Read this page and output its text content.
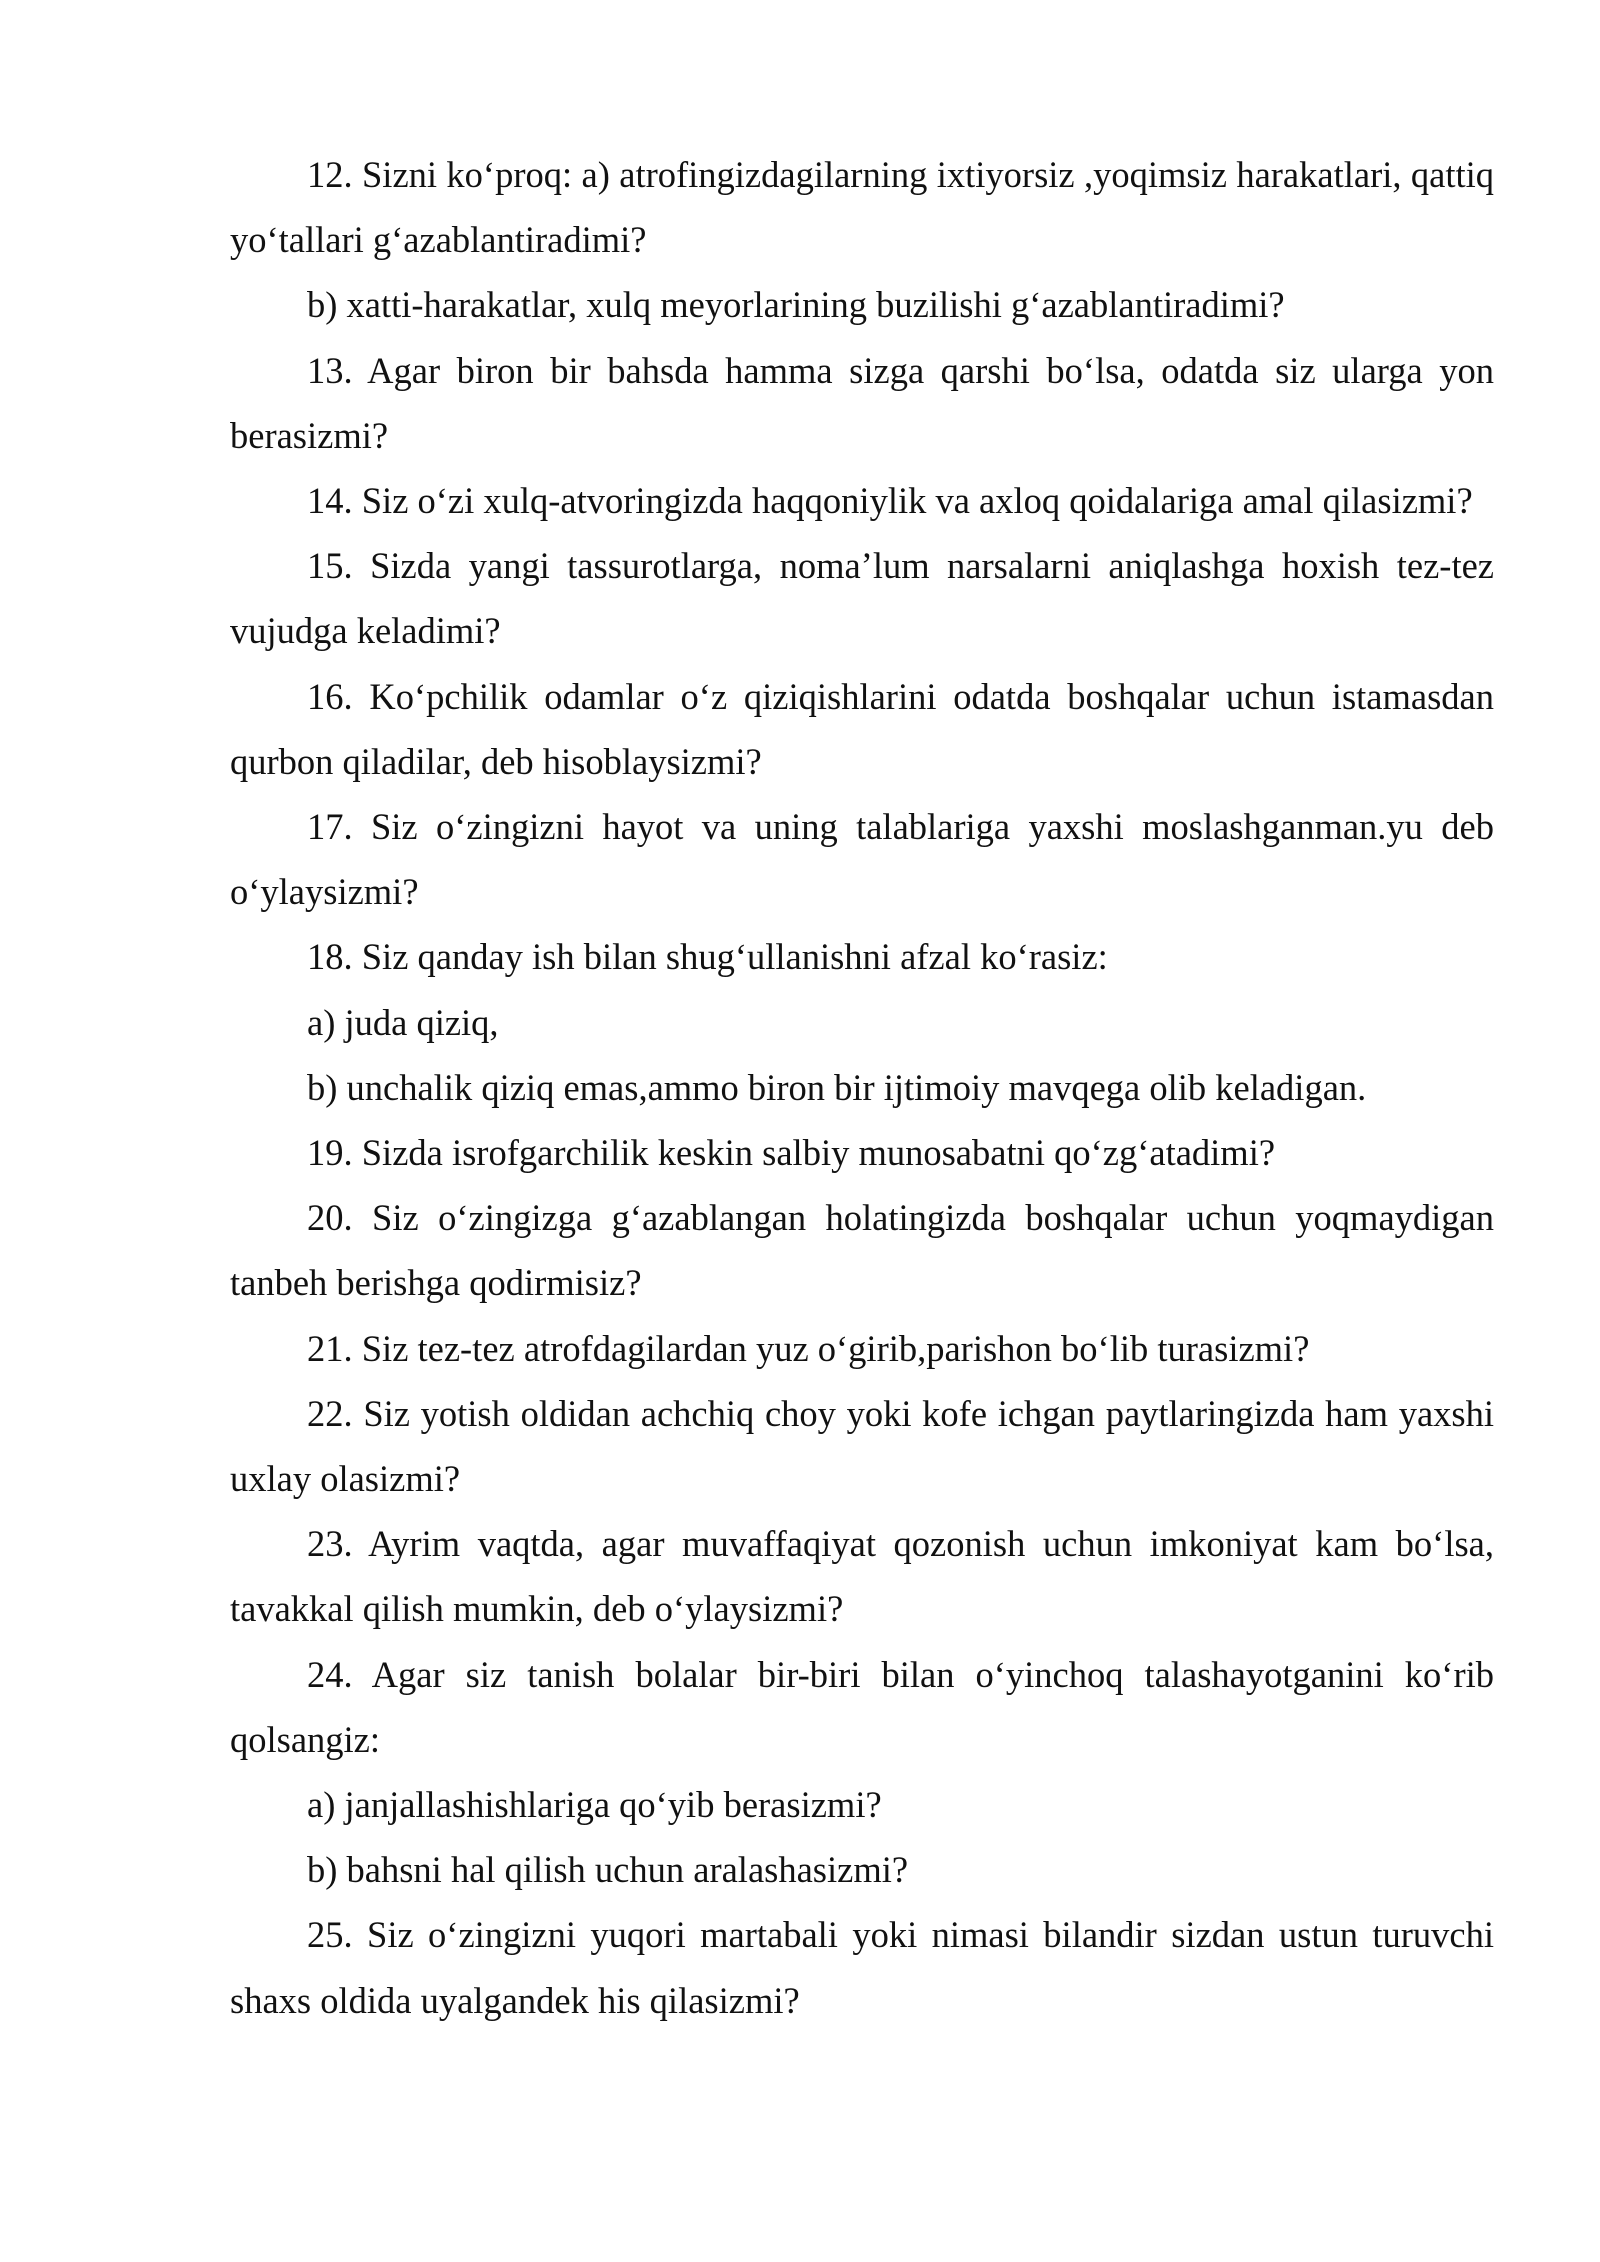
12. Sizni ko‘proq: a) atrofingizdagilarning ixtiyorsiz ,yoqimsiz harakatlari, qattiq yo‘tallari g‘azablantiradimi?

b) xatti-harakatlar, xulq meyorlarining buzilishi g‘azablantiradimi?

13. Agar biron bir bahsda hamma sizga qarshi bo‘lsa, odatda siz ularga yon berasizmi?

14. Siz o‘zi xulq-atvoringizda haqqoniylik va axloq qoidalariga amal qilasizmi?

15. Sizda yangi tassurotlarga, noma’lum narsalarni aniqlashga hoxish tez-tez vujudga keladimi?

16. Ko‘pchilik odamlar o‘z qiziqishlarini odatda boshqalar uchun istamasdan qurbon qiladilar, deb hisoblaysizmi?

17. Siz o‘zingizni hayot va uning talablariga yaxshi moslashganman.yu deb o‘ylaysizmi?

18. Siz qanday ish bilan shug‘ullanishni afzal ko‘rasiz:

a) juda qiziq,

b) unchalik qiziq emas,ammo biron bir ijtimoiy mavqega olib keladigan.

19. Sizda isrofgarchilik keskin salbiy munosabatni qo‘zg‘atadimi?

20. Siz o‘zingizga g‘azablangan holatingizda boshqalar uchun yoqmaydigan tanbeh berishga qodirmisiz?

21. Siz tez-tez atrofdagilardan yuz o‘girib,parishon bo‘lib turasizmi?

22. Siz yotish oldidan achchiq choy yoki kofe ichgan paytlaringizda ham yaxshi uxlay olasizmi?

23. Ayrim vaqtda, agar muvaffaqiyat qozonish uchun imkoniyat kam bo‘lsa, tavakkal qilish mumkin, deb o‘ylaysizmi?

24. Agar siz tanish bolalar bir-biri bilan o‘yinchoq talashayotganini ko‘rib qolsangiz:

a) janjallashishlariga qo‘yib berasizmi?

b) bahsni hal qilish uchun aralashasizmi?

25. Siz o‘zingizni yuqori martabali yoki nimasi bilandir sizdan ustun turuvchi shaxs oldida uyalgandek his qilasizmi?
